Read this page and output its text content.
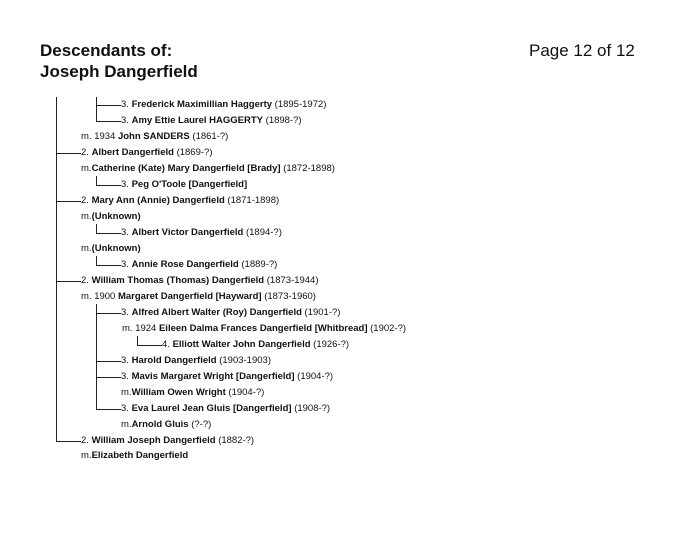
Descendants of:
Joseph Dangerfield
Page 12 of 12
3. Frederick Maximillian Haggerty (1895-1972)
3. Amy Ettie Laurel HAGGERTY (1898-?)
m. 1934 John SANDERS (1861-?)
2. Albert Dangerfield (1869-?)
m.Catherine (Kate) Mary Dangerfield [Brady] (1872-1898)
3. Peg O'Toole [Dangerfield]
2. Mary Ann (Annie) Dangerfield (1871-1898)
m.(Unknown)
3. Albert Victor Dangerfield (1894-?)
m.(Unknown)
3. Annie Rose Dangerfield (1889-?)
2. William Thomas (Thomas) Dangerfield (1873-1944)
m. 1900 Margaret Dangerfield [Hayward] (1873-1960)
3. Alfred Albert Walter (Roy) Dangerfield (1901-?)
m. 1924 Eileen Dalma Frances Dangerfield [Whitbread] (1902-?)
4. Elliott Walter John Dangerfield (1926-?)
3. Harold Dangerfield (1903-1903)
3. Mavis Margaret Wright [Dangerfield] (1904-?)
m.William Owen Wright (1904-?)
3. Eva Laurel Jean Gluis [Dangerfield] (1908-?)
m.Arnold Gluis (?-?)
2. William Joseph Dangerfield (1882-?)
m.Elizabeth Dangerfield
